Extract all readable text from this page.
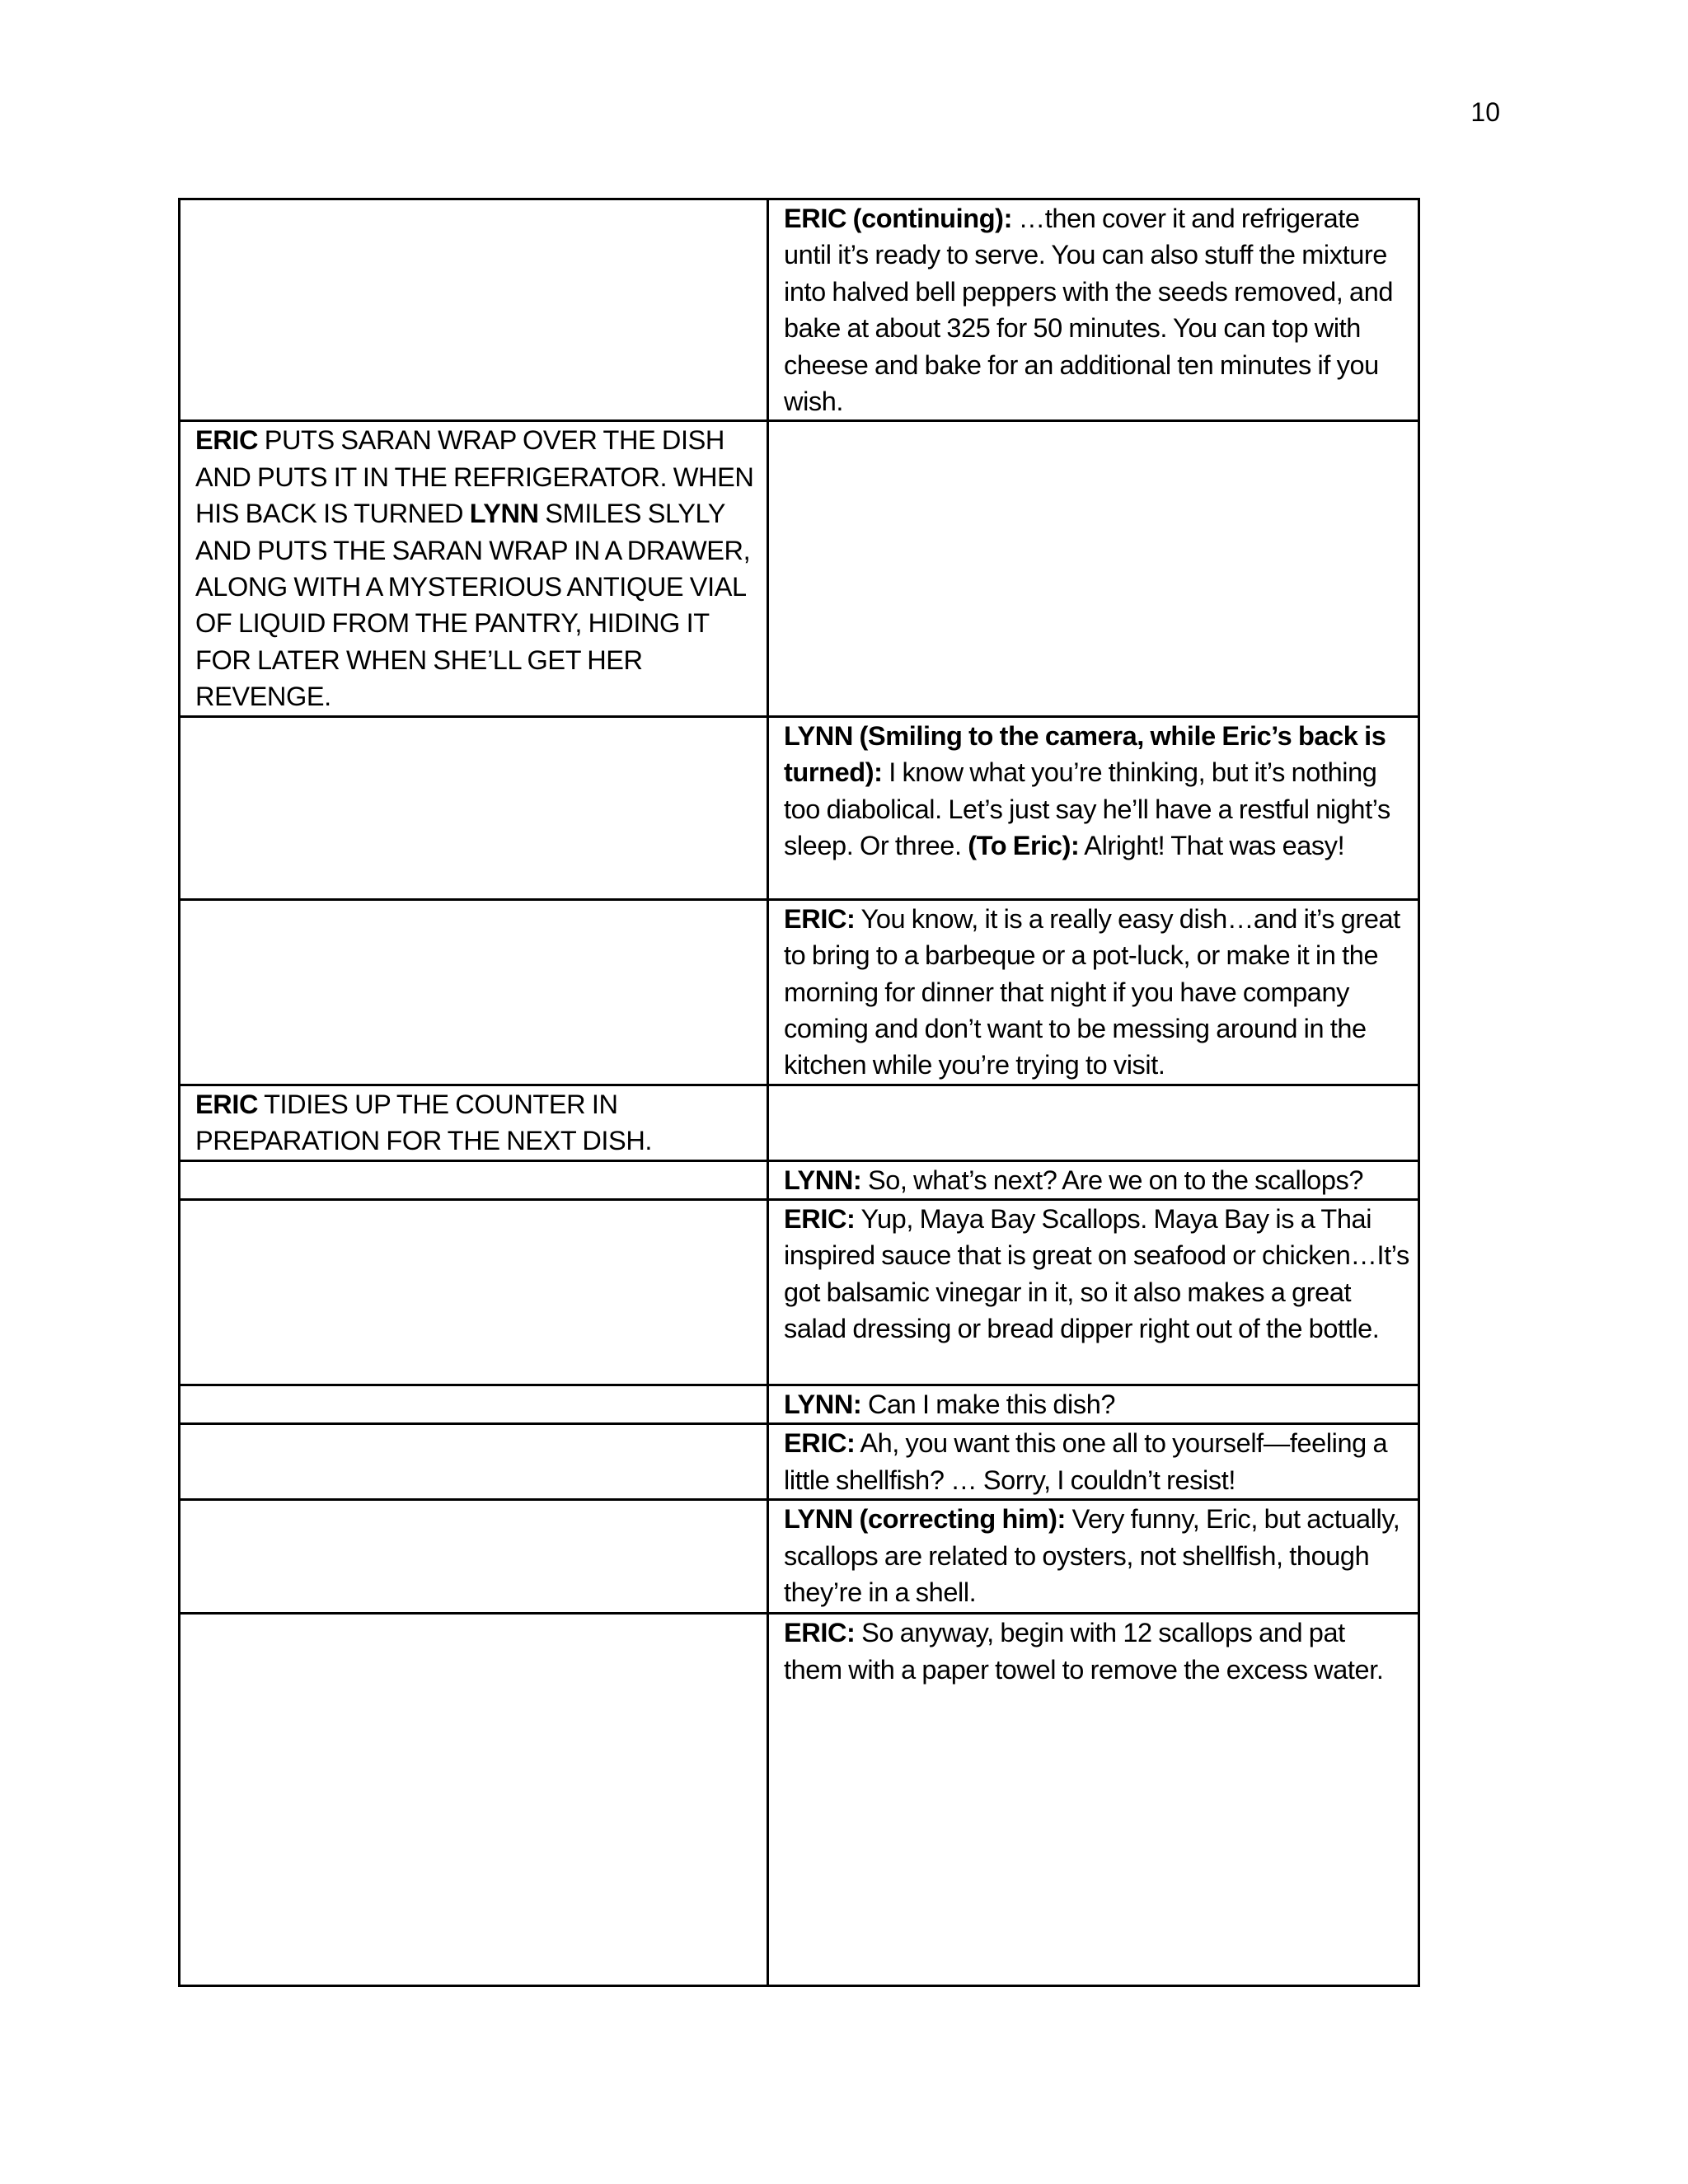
10
	ERIC (continuing): …then cover it and refrigerate until it’s ready to serve. You can also stuff the mixture into halved bell peppers with the seeds removed, and bake at about 325 for 50 minutes. You can top with cheese and bake for an additional ten minutes if you wish.
ERIC PUTS SARAN WRAP OVER THE DISH AND PUTS IT IN THE REFRIGERATOR. WHEN HIS BACK IS TURNED LYNN SMILES SLYLY AND PUTS THE SARAN WRAP IN A DRAWER, ALONG WITH A MYSTERIOUS ANTIQUE VIAL OF LIQUID FROM THE PANTRY, HIDING IT FOR LATER WHEN SHE’LL GET HER REVENGE.	
	LYNN (Smiling to the camera, while Eric’s back is turned): I know what you’re thinking, but it’s nothing too diabolical. Let’s just say he’ll have a restful night’s sleep. Or three. (To Eric): Alright! That was easy!
	ERIC: You know, it is a really easy dish…and it’s great to bring to a barbeque or a pot-luck, or make it in the morning for dinner that night if you have company coming and don’t want to be messing around in the kitchen while you’re trying to visit.
ERIC TIDIES UP THE COUNTER IN PREPARATION FOR THE NEXT DISH.	
	LYNN: So, what’s next? Are we on to the scallops?
	ERIC: Yup, Maya Bay Scallops. Maya Bay is a Thai inspired sauce that is great on seafood or chicken…It’s got balsamic vinegar in it, so it also makes a great salad dressing or bread dipper right out of the bottle.
	LYNN: Can I make this dish?
	ERIC: Ah, you want this one all to yourself—feeling a little shellfish? … Sorry, I couldn’t resist!
	LYNN (correcting him): Very funny, Eric, but actually, scallops are related to oysters, not shellfish, though they’re in a shell.
	ERIC: So anyway, begin with 12 scallops and pat them with a paper towel to remove the excess water.
